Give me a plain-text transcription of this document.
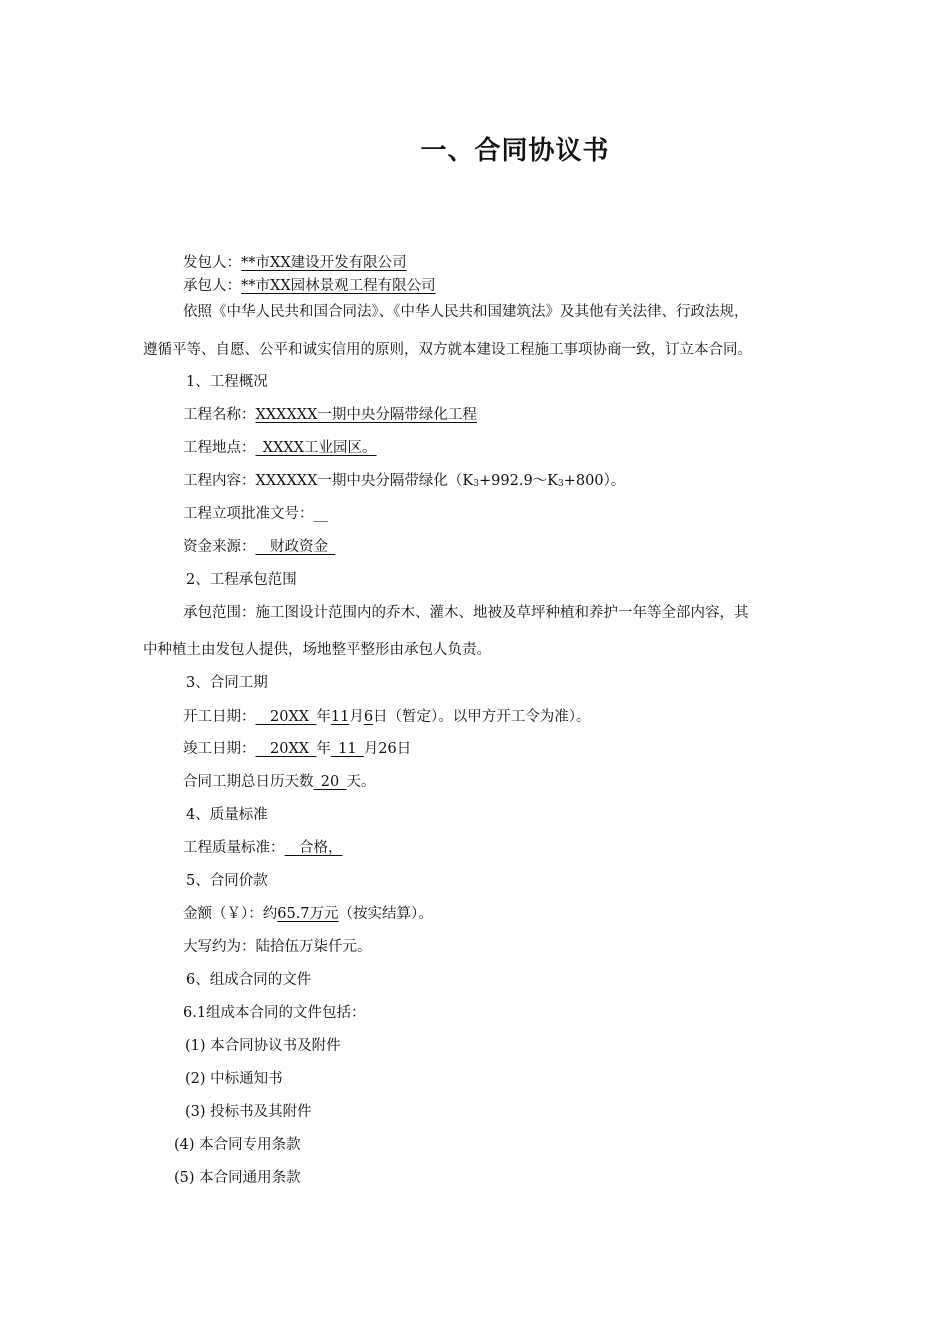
一、合同协议书
发包人：**市XX建设开发有限公司
承包人：**市XX园林景观工程有限公司
依照《中华人民共和国合同法》、《中华人民共和国建筑法》及其他有关法律、行政法规，
遵循平等、自愿、公平和诚实信用的原则，双方就本建设工程施工事项协商一致，订立本合同。
1、工程概况
工程名称：XXXXXX一期中央分隔带绿化工程
工程地点：_XXXX工业园区。
工程内容：XXXXXX一期中央分隔带绿化（K3+992.9～K3+800）。
工程立项批准文号：__
资金来源：__财政资金_
2、工程承包范围
承包范围：施工图设计范围内的乔木、灌木、地被及草坪种植和养护一年等全部内容，其
中种植土由发包人提供，场地整平整形由承包人负责。
3、合同工期
开工日期：__20XX_年11月6日（暂定）。以甲方开工令为准）。
竣工日期：__20XX_年_11_月26日
合同工期总日历天数_20_天。
4、质量标准
工程质量标准：__合格，
5、合同价款
金额（￥）：约65.7万元（按实结算）。
大写约为：陆拾伍万柒仟元。
6、组成合同的文件
6.1组成本合同的文件包括：
(1) 本合同协议书及附件
(2) 中标通知书
(3) 投标书及其附件
(4) 本合同专用条款
(5) 本合同通用条款
